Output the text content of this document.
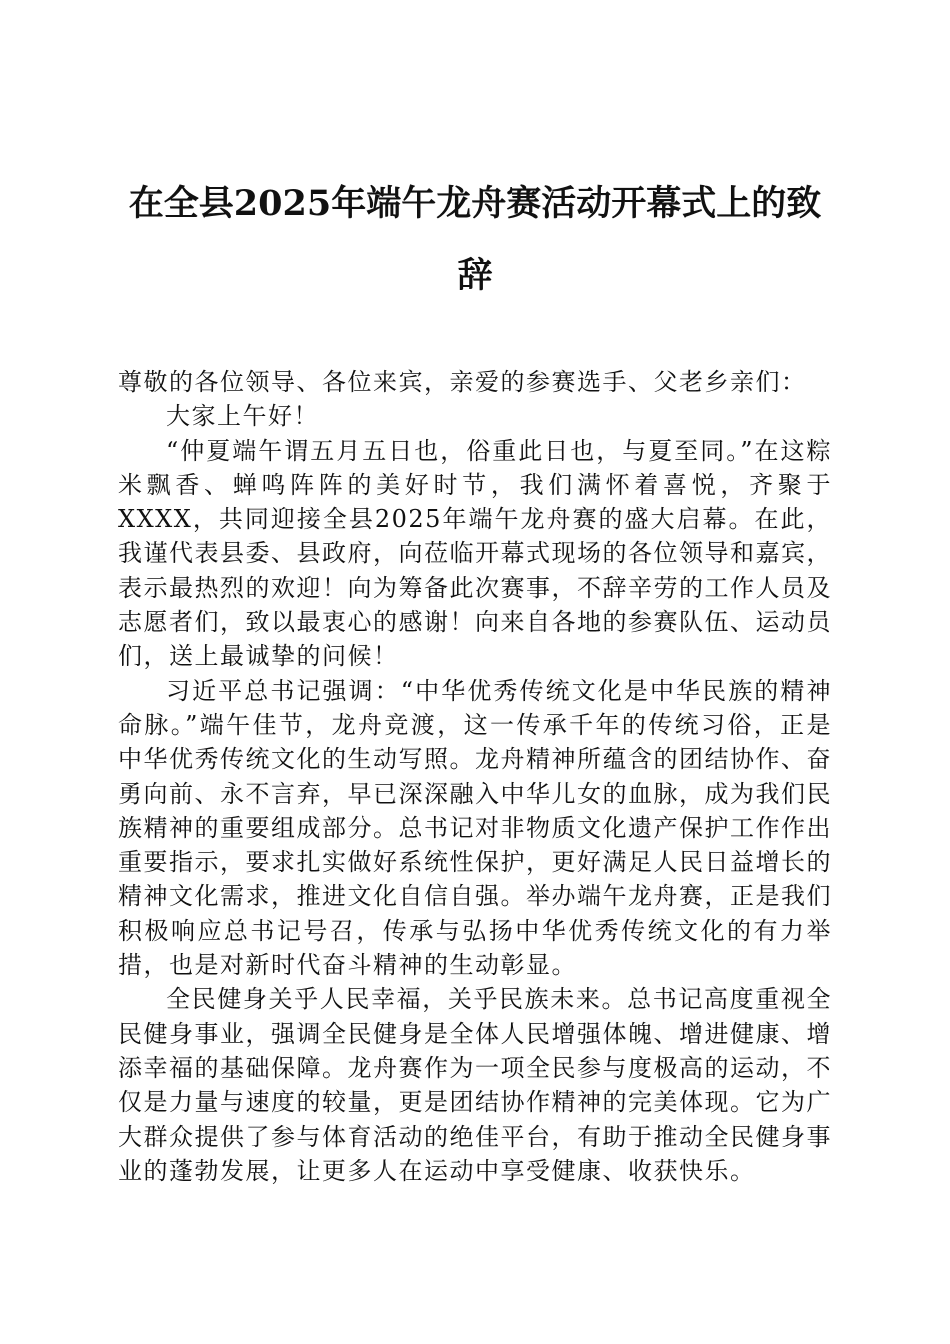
在全县2025年端午龙舟赛活动开幕式上的致辞

尊敬的各位领导、各位来宾，亲爱的参赛选手、父老乡亲们：

大家上午好！

“仲夏端午谓五月五日也，俗重此日也，与夏至同。”在这粽米飘香、蝉鸣阵阵的美好时节，我们满怀着喜悦，齐聚于XXXX，共同迎接全县2025年端午龙舟赛的盛大启幕。在此，我谨代表县委、县政府，向莅临开幕式现场的各位领导和嘉宾，表示最热烈的欢迎！向为筹备此次赛事，不辞辛劳的工作人员及志愿者们，致以最衷心的感谢！向来自各地的参赛队伍、运动员们，送上最诚挚的问候！

习近平总书记强调：“中华优秀传统文化是中华民族的精神命脉。”端午佳节，龙舟竞渡，这一传承千年的传统习俗，正是中华优秀传统文化的生动写照。龙舟精神所蕴含的团结协作、奋勇向前、永不言弃，早已深深融入中华儿女的血脉，成为我们民族精神的重要组成部分。总书记对非物质文化遗产保护工作作出重要指示，要求扎实做好系统性保护，更好满足人民日益增长的精神文化需求，推进文化自信自强。举办端午龙舟赛，正是我们积极响应总书记号召，传承与弘扬中华优秀传统文化的有力举措，也是对新时代奋斗精神的生动彰显。

全民健身关乎人民幸福，关乎民族未来。总书记高度重视全民健身事业，强调全民健身是全体人民增强体魄、增进健康、增添幸福的基础保障。龙舟赛作为一项全民参与度极高的运动，不仅是力量与速度的较量，更是团结协作精神的完美体现。它为广大群众提供了参与体育活动的绝佳平台，有助于推动全民健身事业的蓬勃发展，让更多人在运动中享受健康、收获快乐。
